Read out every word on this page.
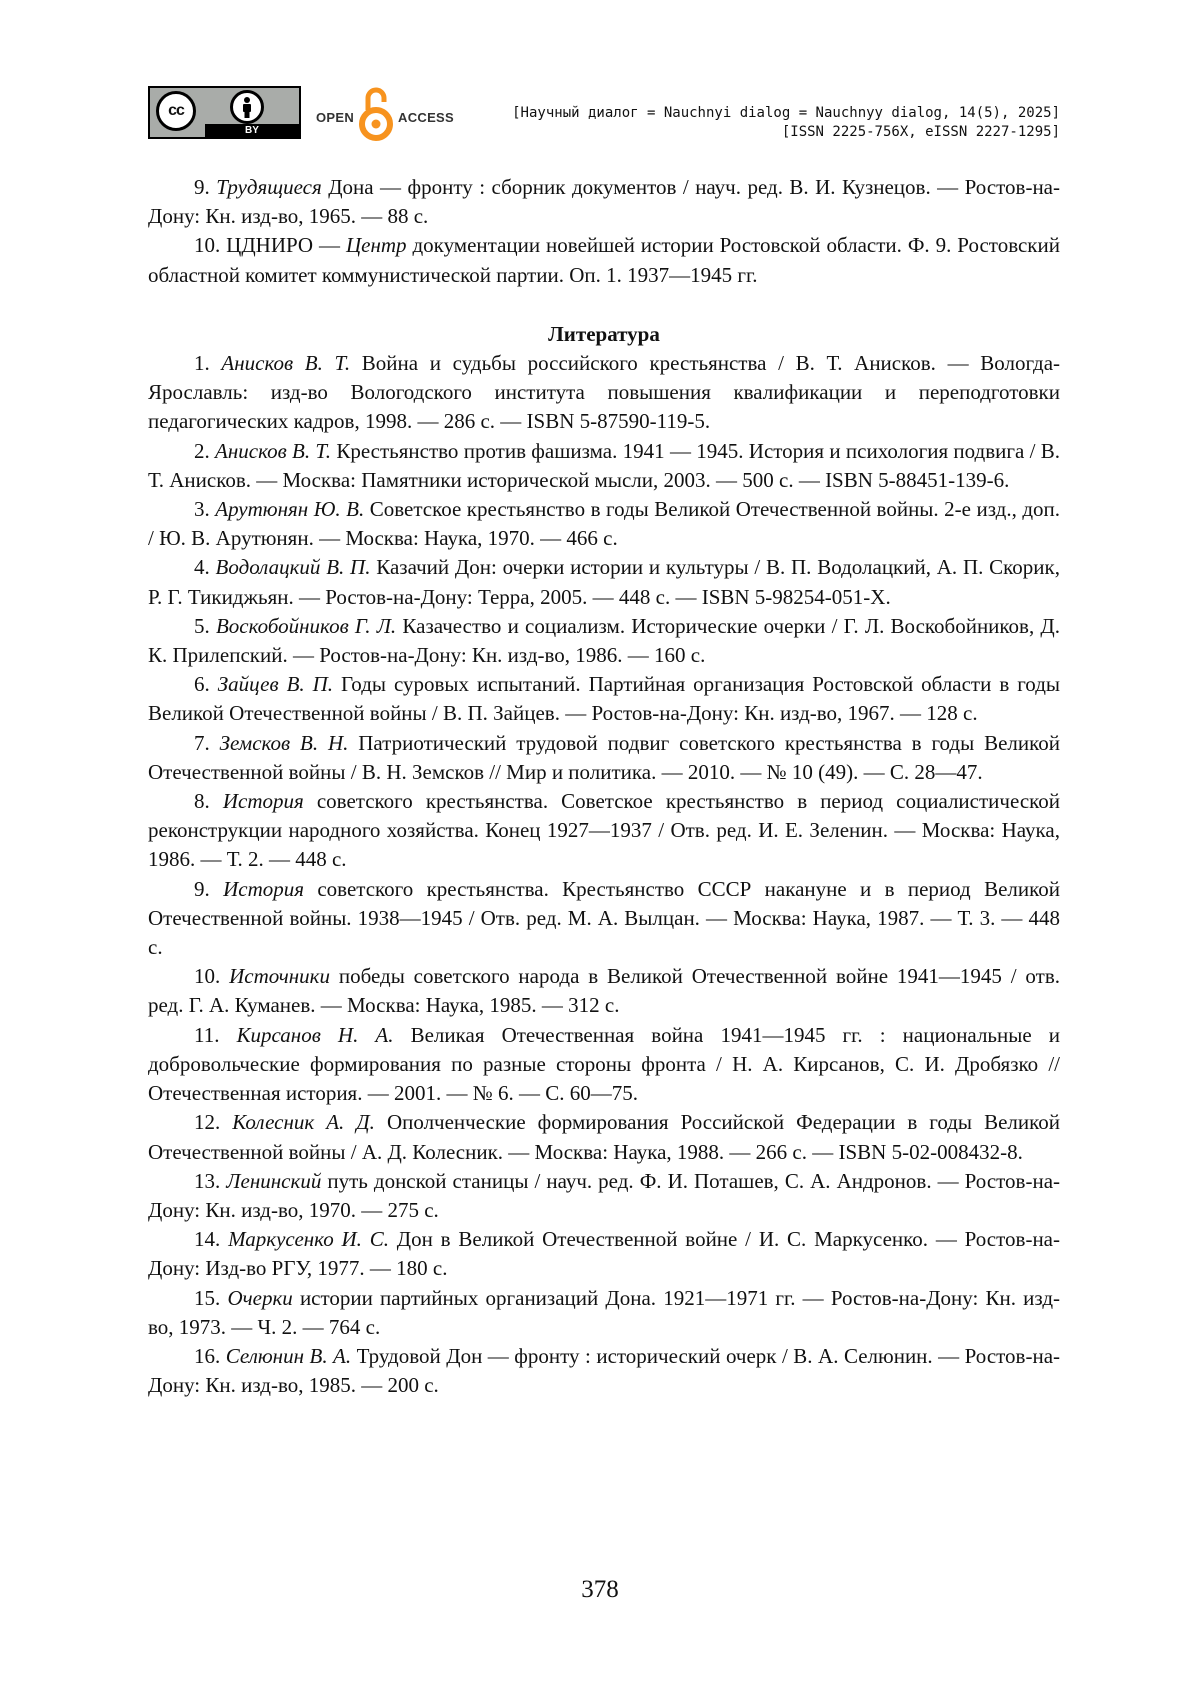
cc
BY
OPEN	ACCESS	[Научный диалог = Nauchnyi dialog = Nauchnyy dialog, 14(5), 2025]
[ISSN 2225-756X, eISSN 2227-1295]

9. Трудящиеся Дона — фронту : сборник документов / науч. ред. В. И. Кузнецов. — Ростов-на-Дону: Кн. изд-во, 1965. — 88 с.

10. ЦДНИРО — Центр документации новейшей истории Ростовской области. Ф. 9. Ростовский областной комитет коммунистической партии. Оп. 1. 1937—1945 гг.

Литература

1. Анисков В. Т. Война и судьбы российского крестьянства / В. Т. Анисков. — Вологда-Ярославль: изд-во Вологодского института повышения квалификации и переподготовки педагогических кадров, 1998. — 286 с. — ISBN 5-87590-119-5.

2. Анисков В. Т. Крестьянство против фашизма. 1941 — 1945. История и психология подвига / В. Т. Анисков. — Москва: Памятники исторической мысли, 2003. — 500 с. — ISBN 5-88451-139-6.

3. Арутюнян Ю. В. Советское крестьянство в годы Великой Отечественной войны. 2-е изд., доп. / Ю. В. Арутюнян. — Москва: Наука, 1970. — 466 с.

4. Водолацкий В. П. Казачий Дон: очерки истории и культуры / В. П. Водолацкий, А. П. Скорик, Р. Г. Тикиджьян. — Ростов-на-Дону: Терра, 2005. — 448 с. — ISBN 5-98254-051-X.

5. Воскобойников Г. Л. Казачество и социализм. Исторические очерки / Г. Л. Воскобойников, Д. К. Прилепский. — Ростов-на-Дону: Кн. изд-во, 1986. — 160 с.

6. Зайцев В. П. Годы суровых испытаний. Партийная организация Ростовской области в годы Великой Отечественной войны / В. П. Зайцев. — Ростов-на-Дону: Кн. изд-во, 1967. — 128 с.

7. Земсков В. Н. Патриотический трудовой подвиг советского крестьянства в годы Великой Отечественной войны / В. Н. Земсков // Мир и политика. — 2010. — № 10 (49). — С. 28—47.

8. История советского крестьянства. Советское крестьянство в период социалистической реконструкции народного хозяйства. Конец 1927—1937 / Отв. ред. И. Е. Зеленин. — Москва: Наука, 1986. — Т. 2. — 448 с.

9. История советского крестьянства. Крестьянство СССР накануне и в период Великой Отечественной войны. 1938—1945 / Отв. ред. М. А. Вылцан. — Москва: Наука, 1987. — Т. 3. — 448 с.

10. Источники победы советского народа в Великой Отечественной войне 1941—1945 / отв. ред. Г. А. Куманев. — Москва: Наука, 1985. — 312 с.

11. Кирсанов Н. А. Великая Отечественная война 1941—1945 гг. : национальные и добровольческие формирования по разные стороны фронта / Н. А. Кирсанов, С. И. Дробязко // Отечественная история. — 2001. — № 6. — С. 60—75.

12. Колесник А. Д. Ополченческие формирования Российской Федерации в годы Великой Отечественной войны / А. Д. Колесник. — Москва: Наука, 1988. — 266 с. — ISBN 5-02-008432-8.

13. Ленинский путь донской станицы / науч. ред. Ф. И. Поташев, С. А. Андронов. — Ростов-на-Дону: Кн. изд-во, 1970. — 275 с.

14. Маркусенко И. С. Дон в Великой Отечественной войне / И. С. Маркусенко. — Ростов-на-Дону: Изд-во РГУ, 1977. — 180 с.

15. Очерки истории партийных организаций Дона. 1921—1971 гг. — Ростов-на-Дону: Кн. изд-во, 1973. — Ч. 2. — 764 с.

16. Селюнин В. А. Трудовой Дон — фронту : исторический очерк / В. А. Селюнин. — Ростов-на-Дону: Кн. изд-во, 1985. — 200 с.

378
